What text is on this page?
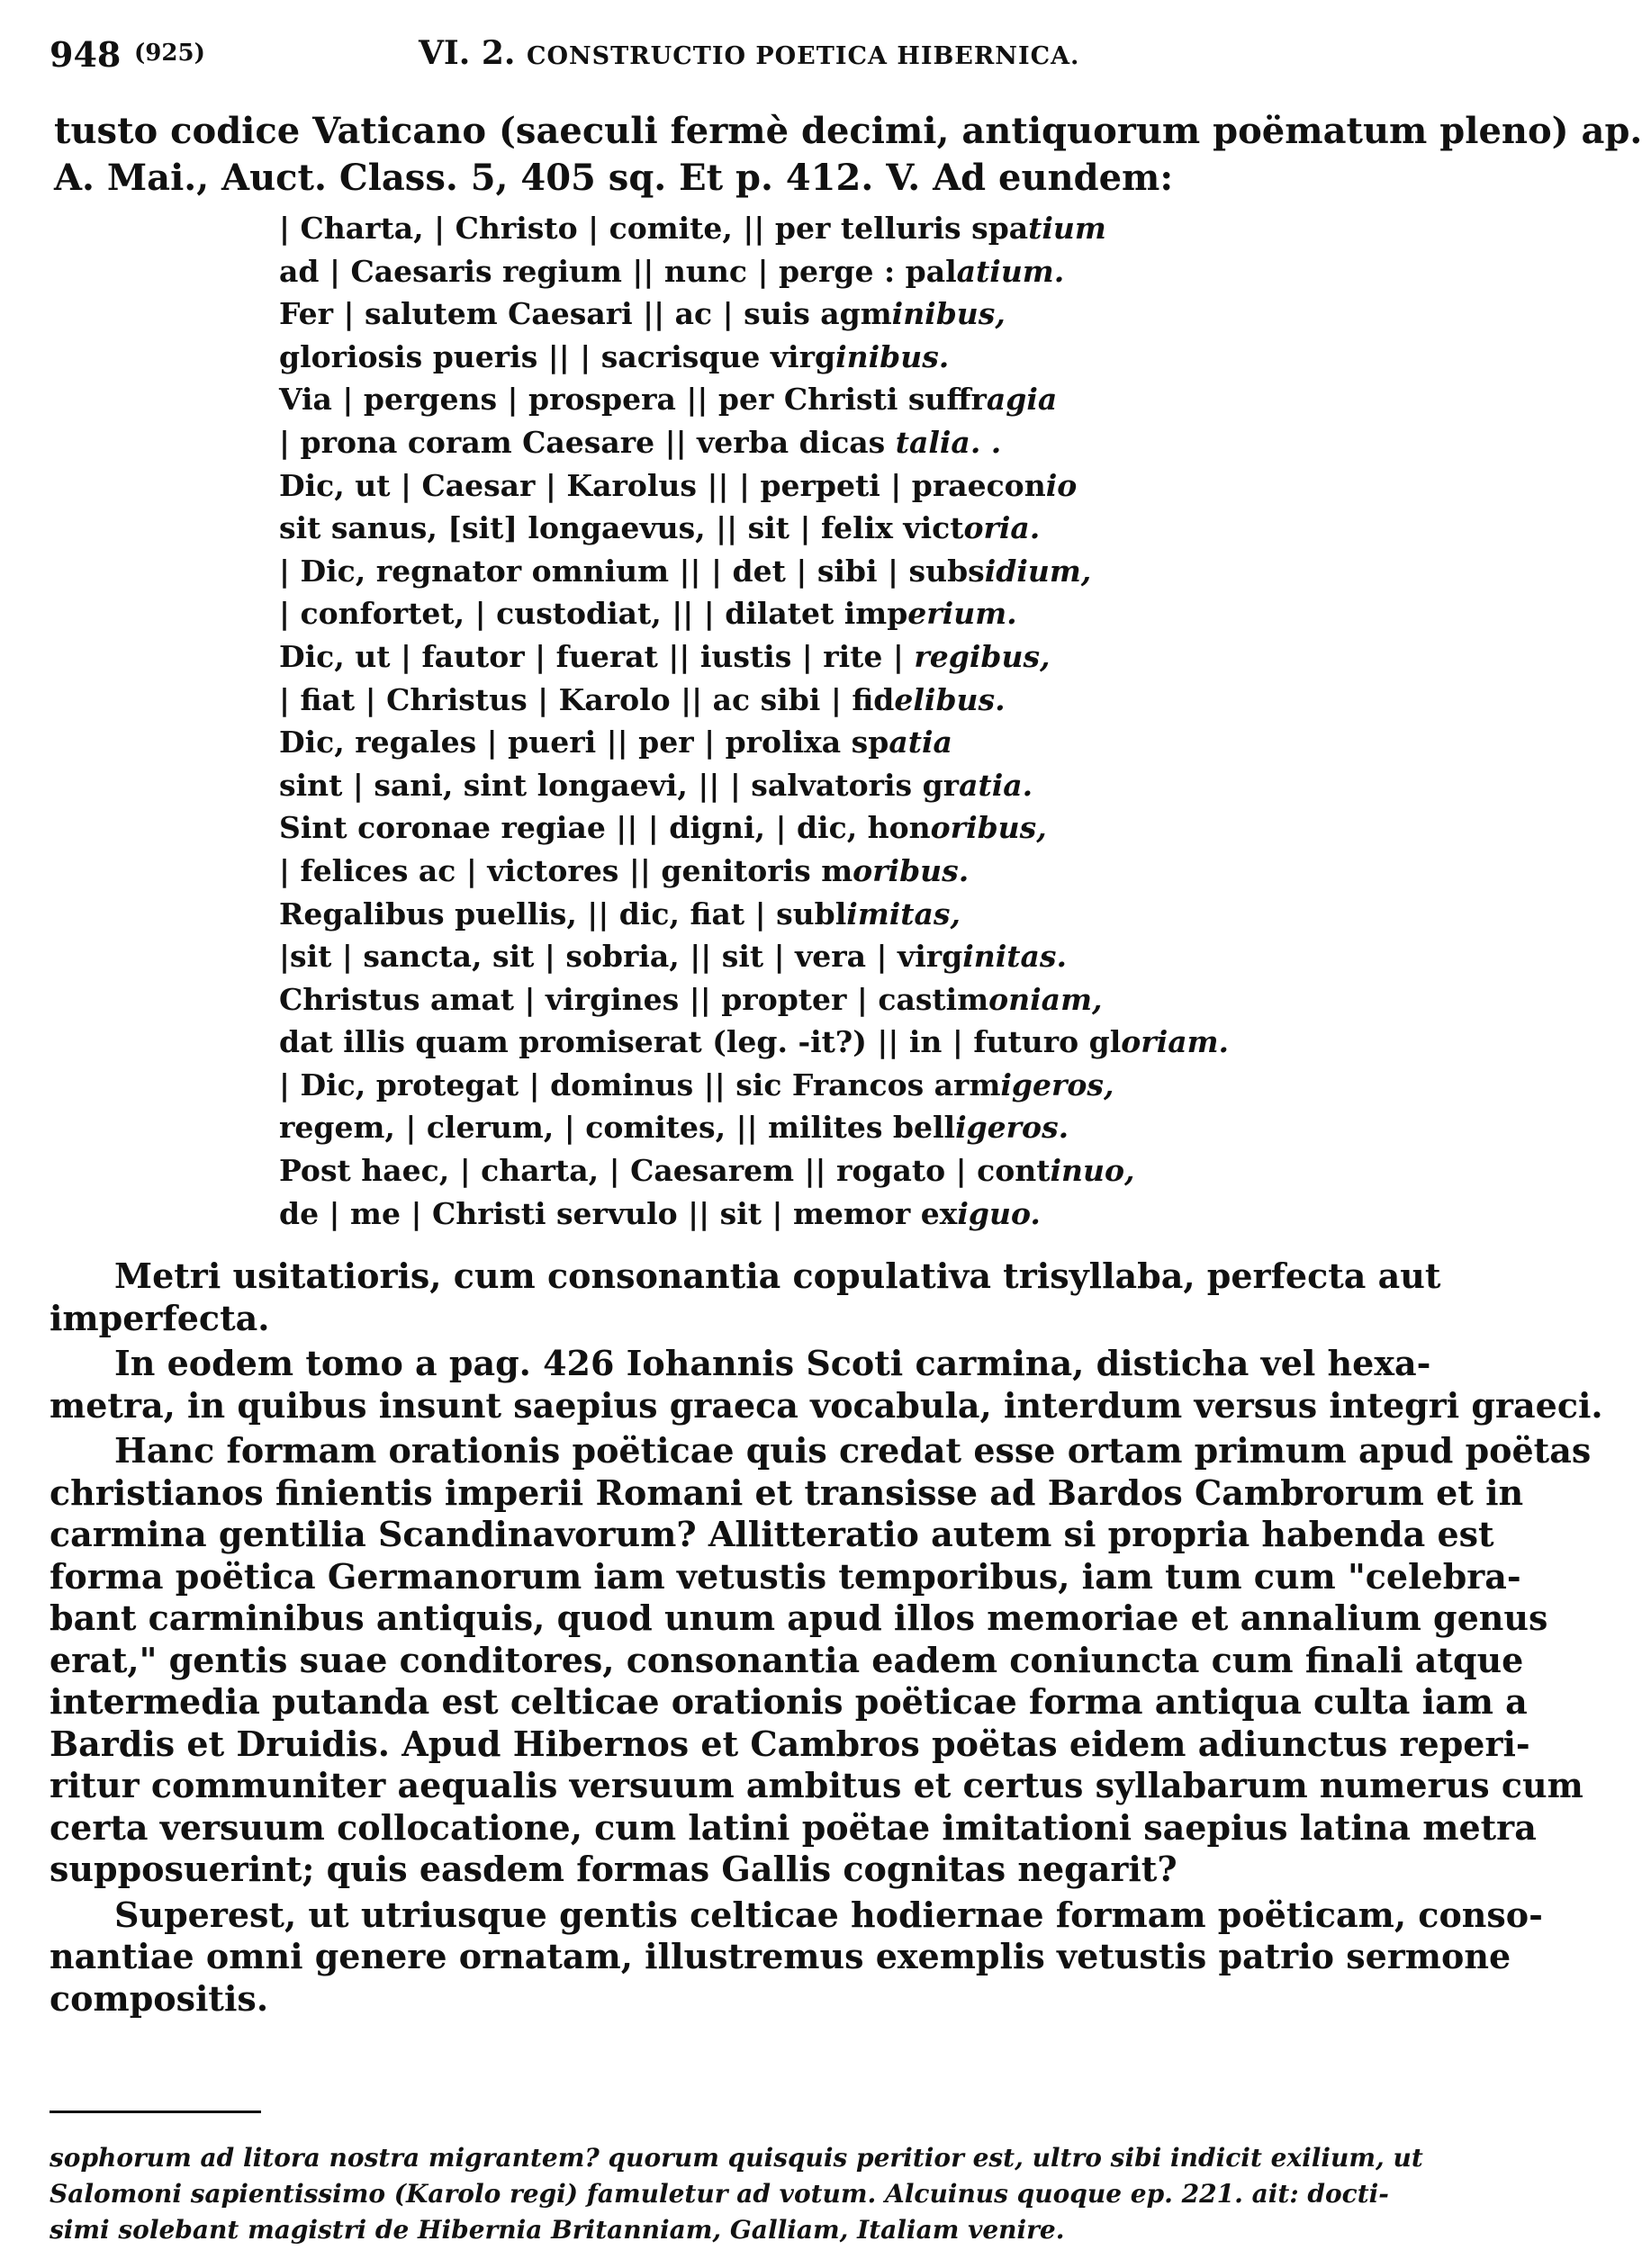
948 (925)	VI. 2. CONSTRUCTIO POETICA HIBERNICA.

tusto codice Vaticano (saeculi fermè decimi, antiquorum poëmatum pleno) ap.

A. Mai., Auct. Class. 5, 405 sq. Et p. 412. V. Ad eundem:

| Charta, | Christo | comite, || per telluris spatium
ad | Caesaris regium || nunc | perge : palatium.
Fer | salutem Caesari || ac | suis agminibus,
gloriosis pueris || | sacrisque virginibus.
Via | pergens | prospera || per Christi suffragia
| prona coram Caesare || verba dicas talia. .
Dic, ut | Caesar | Karolus || | perpeti | praeconio
sit sanus, [sit] longaevus, || sit | felix victoria.
| Dic, regnator omnium || | det | sibi | subsidium,
| confortet, | custodiat, || | dilatet imperium.
Dic, ut | fautor | fuerat || iustis | rite | regibus,
| fiat | Christus | Karolo || ac sibi | fidelibus.
Dic, regales | pueri || per | prolixa spatia
sint | sani, sint longaevi, || | salvatoris gratia.
Sint coronae regiae || | digni, | dic, honoribus,
| felices ac | victores || genitoris moribus.
Regalibus puellis, || dic, fiat | sublimitas,
|sit | sancta, sit | sobria, || sit | vera | virginitas.
Christus amat | virgines || propter | castimoniam,
dat illis quam promiserat (leg. -it?) || in | futuro gloriam.
| Dic, protegat | dominus || sic Francos armigeros,
regem, | clerum, | comites, || milites belligeros.
Post haec, | charta, | Caesarem || rogato | continuo,
de | me | Christi servulo || sit | memor exiguo.
Metri usitatioris, cum consonantia copulativa trisyllaba, perfecta aut
imperfecta.
In eodem tomo a pag. 426 Iohannis Scoti carmina, disticha vel hexa-
metra, in quibus insunt saepius graeca vocabula, interdum versus integri graeci.
Hanc formam orationis poëticae quis credat esse ortam primum apud poëtas
christianos finientis imperii Romani et transisse ad Bardos Cambrorum et in
carmina gentilia Scandinavorum? Allitteratio autem si propria habenda est
forma poëtica Germanorum iam vetustis temporibus, iam tum cum "celebra-
bant carminibus antiquis, quod unum apud illos memoriae et annalium genus
erat," gentis suae conditores, consonantia eadem coniuncta cum finali atque
intermedia putanda est celticae orationis poëticae forma antiqua culta iam a
Bardis et Druidis. Apud Hibernos et Cambros poëtas eidem adiunctus reperi-
ritur communiter aequalis versuum ambitus et certus syllabarum numerus cum
certa versuum collocatione, cum latini poëtae imitationi saepius latina metra
supposuerint; quis easdem formas Gallis cognitas negarit?
Superest, ut utriusque gentis celticae hodiernae formam poëticam, conso-
nantiae omni genere ornatam, illustremus exemplis vetustis patrio sermone
compositis.
sophorum ad litora nostra migrantem? quorum quisquis peritior est, ultro sibi indicit exilium, ut
Salomoni sapientissimo (Karolo regi) famuletur ad votum. Alcuinus quoque ep. 221. ait: docti-
simi solebant magistri de Hibernia Britanniam, Galliam, Italiam venire.
